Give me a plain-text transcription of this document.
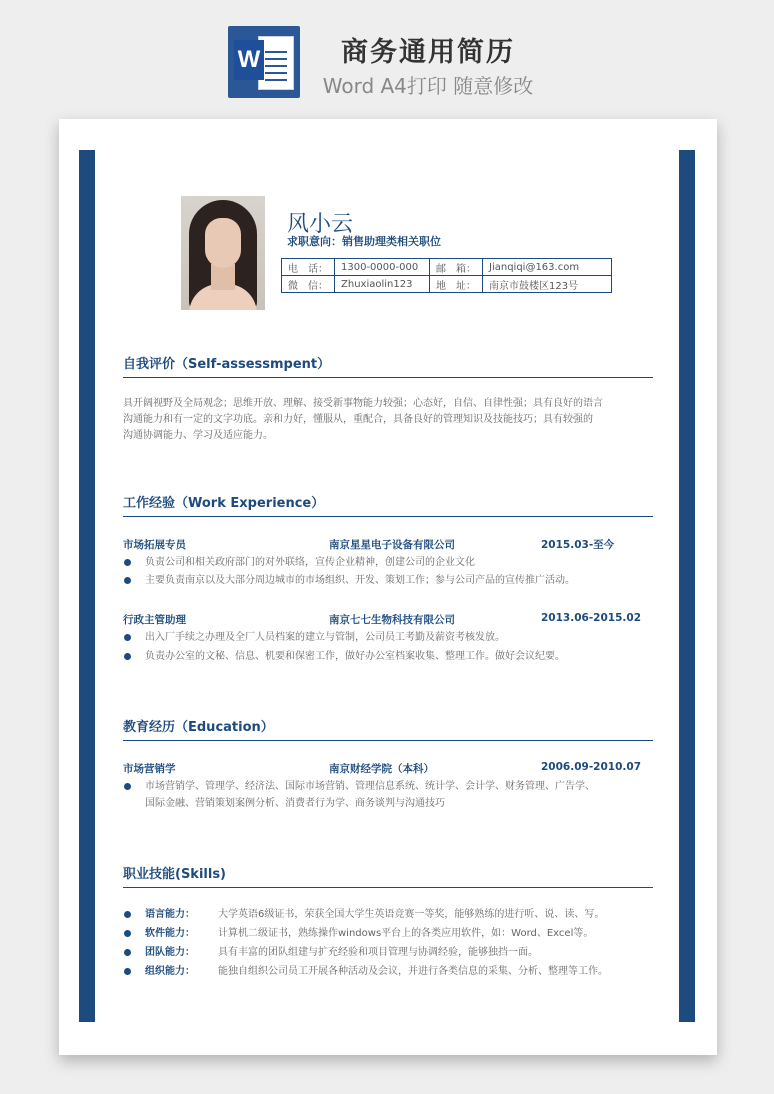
W	商务通用简历
Word A4打印 随意修改
风小云
求职意向：销售助理类相关职位
电　话：	1300-0000-000	邮　箱：	Jianqiqi@163.com
微　信：	Zhuxiaolin123	地　址：	南京市鼓楼区123号
自我评价（Self-assessmpent）
具开阔视野及全局观念；思维开放、理解、接受新事物能力较强；心态好，自信、自律性强；具有良好的语言
沟通能力和有一定的文字功底。亲和力好，懂服从，重配合，具备良好的管理知识及技能技巧；具有较强的
沟通协调能力、学习及适应能力。
工作经验（Work Experience）
市场拓展专员	南京星星电子设备有限公司	2015.03-至今
负责公司和相关政府部门的对外联络，宣传企业精神，创建公司的企业文化
主要负责南京以及大部分周边城市的市场组织、开发、策划工作；参与公司产品的宣传推广活动。
行政主管助理	南京七七生物科技有限公司	2013.06-2015.02
出入厂手续之办理及全厂人员档案的建立与管制，公司员工考勤及薪资考核发放。
负责办公室的文秘、信息、机要和保密工作，做好办公室档案收集、整理工作。做好会议纪要。
教育经历（Education）
市场营销学	南京财经学院（本科）	2006.09-2010.07
市场营销学、管理学、经济法、国际市场营销、管理信息系统、统计学、会计学、财务管理、广告学、
国际金融、营销策划案例分析、消费者行为学、商务谈判与沟通技巧
职业技能(Skills)
语言能力：	大学英语6级证书，荣获全国大学生英语竞赛一等奖，能够熟练的进行听、说、读、写。
软件能力：	计算机二级证书，熟练操作windows平台上的各类应用软件，如：Word、Excel等。
团队能力：	具有丰富的团队组建与扩充经验和项目管理与协调经验，能够独挡一面。
组织能力：	能独自组织公司员工开展各种活动及会议，并进行各类信息的采集、分析、整理等工作。
